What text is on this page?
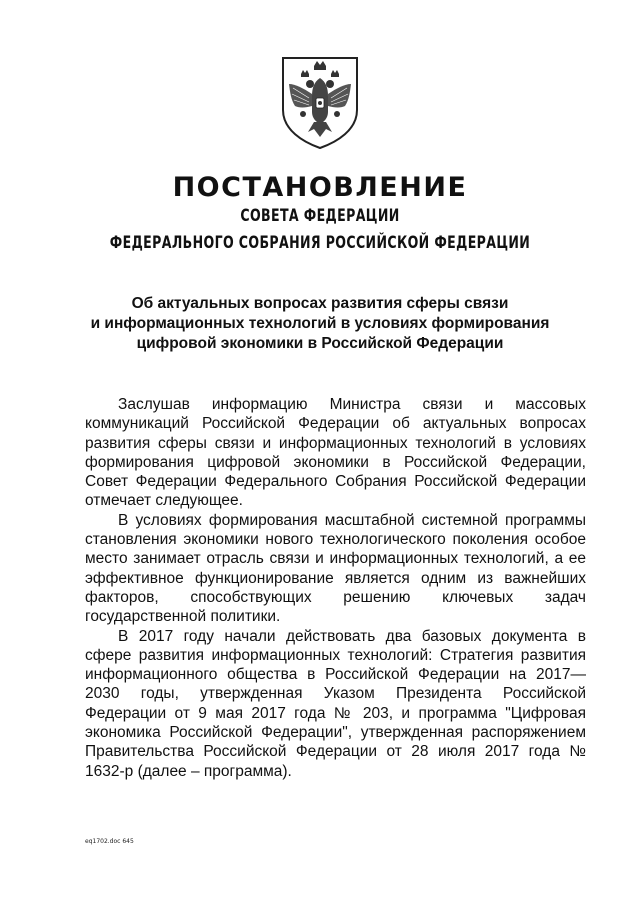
ПОСТАНОВЛЕНИЕ
СОВЕТА ФЕДЕРАЦИИ
ФЕДЕРАЛЬНОГО СОБРАНИЯ РОССИЙСКОЙ ФЕДЕРАЦИИ
Об актуальных вопросах развития сферы связи
и информационных технологий в условиях формирования
цифровой экономики в Российской Федерации

Заслушав информацию Министра связи и массовых коммуникаций Российской Федерации об актуальных вопросах развития сферы связи и информационных технологий в условиях формирования цифровой экономики в Российской Федерации, Совет Федерации Федерального Собрания Российской Федерации отмечает следующее.

В условиях формирования масштабной системной программы становления экономики нового технологического поколения особое место занимает отрасль связи и информационных технологий, а ее эффективное функционирование является одним из важнейших факторов, способствующих решению ключевых задач государственной политики.

В 2017 году начали действовать два базовых документа в сфере развития информационных технологий: Стратегия развития информационного общества в Российской Федерации на 2017—2030 годы, утвержденная Указом Президента Российской Федерации от 9 мая 2017 года № 203, и программа "Цифровая экономика Российской Федерации", утвержденная распоряжением Правительства Российской Федерации от 28 июля 2017 года № 1632-р (далее – программа).

eq1702.doc 645
